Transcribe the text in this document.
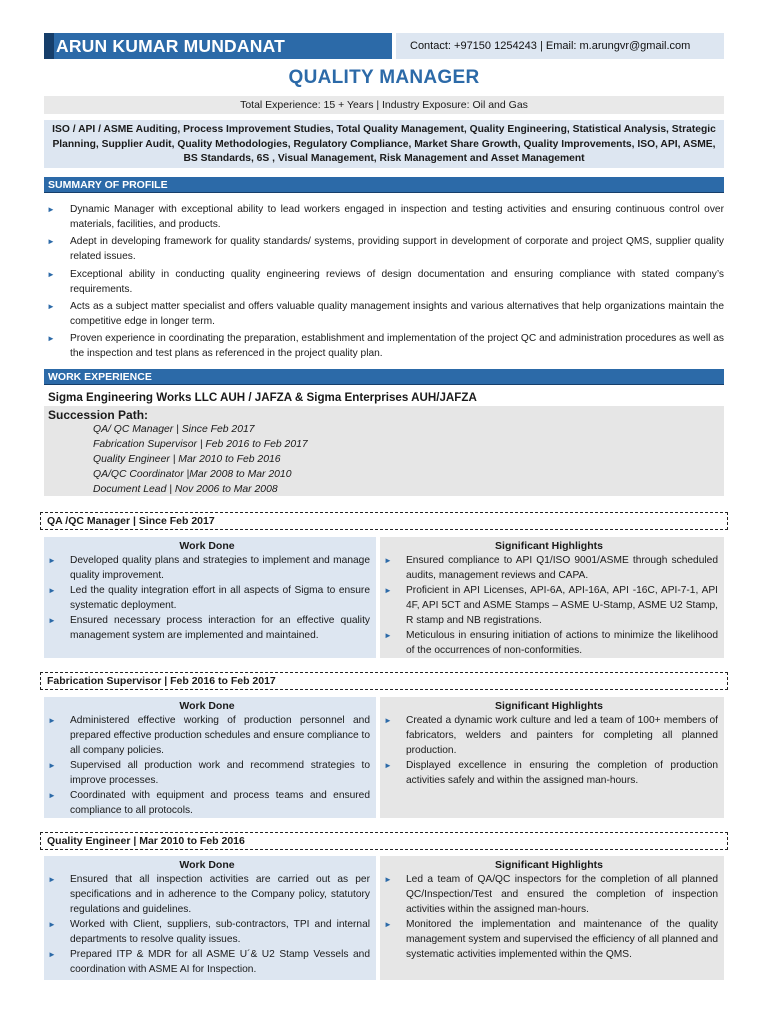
ARUN KUMAR MUNDANAT	Contact: +97150 1254243 | Email: m.arungvr@gmail.com
QUALITY MANAGER
Total Experience: 15 + Years | Industry Exposure: Oil and Gas
ISO / API / ASME Auditing, Process Improvement Studies, Total Quality Management, Quality Engineering, Statistical Analysis, Strategic Planning, Supplier Audit, Quality Methodologies, Regulatory Compliance, Market Share Growth, Quality Improvements, ISO, API, ASME, BS Standards, 6S , Visual Management, Risk Management and Asset Management
SUMMARY OF PROFILE
► Dynamic Manager with exceptional ability to lead workers engaged in inspection and testing activities and ensuring continuous control over materials, facilities, and products.
► Adept in developing framework for quality standards/ systems, providing support in development of corporate and project QMS, supplier quality related issues.
► Exceptional ability in conducting quality engineering reviews of design documentation and ensuring compliance with stated company’s requirements.
► Acts as a subject matter specialist and offers valuable quality management insights and various alternatives that help organizations maintain the competitive edge in longer term.
► Proven experience in coordinating the preparation, establishment and implementation of the project QC and administration procedures as well as the inspection and test plans as referenced in the project quality plan.
WORK EXPERIENCE
Sigma Engineering Works LLC AUH / JAFZA & Sigma Enterprises AUH/JAFZA
Succession Path:
QA/ QC Manager | Since Feb 2017
Fabrication Supervisor | Feb 2016 to Feb 2017
Quality Engineer | Mar 2010 to Feb 2016
QA/QC Coordinator |Mar 2008 to Mar 2010
Document Lead | Nov 2006 to Mar 2008
QA /QC Manager | Since Feb 2017
Work Done
► Developed quality plans and strategies to implement and manage quality improvement.
► Led the quality integration effort in all aspects of Sigma to ensure systematic deployment.
► Ensured necessary process interaction for an effective quality management system are implemented and maintained.
Significant Highlights
► Ensured compliance to API Q1/ISO 9001/ASME through scheduled audits, management reviews and CAPA.
► Proficient in API Licenses, API-6A, API-16A, API -16C, API-7-1, API 4F, API 5CT and ASME Stamps – ASME U-Stamp, ASME U2 Stamp, R stamp and NB registrations.
► Meticulous in ensuring initiation of actions to minimize the likelihood of the occurrences of non-conformities.
Fabrication Supervisor | Feb 2016 to Feb 2017
Work Done
► Administered effective working of production personnel and prepared effective production schedules and ensure compliance to all company policies.
► Supervised all production work and recommend strategies to improve processes.
► Coordinated with equipment and process teams and ensured compliance to all protocols.
Significant Highlights
► Created a dynamic work culture and led a team of 100+ members of fabricators, welders and painters for completing all planned production.
► Displayed excellence in ensuring the completion of production activities safely and within the assigned man-hours.
Quality Engineer | Mar 2010 to Feb 2016
Work Done
► Ensured that all inspection activities are carried out as per specifications and in adherence to the Company policy, statutory regulations and guidelines.
► Worked with Client, suppliers, sub-contractors, TPI and internal departments to resolve quality issues.
► Prepared ITP & MDR for all ASME U´& U2 Stamp Vessels and coordination with ASME AI for Inspection.
Significant Highlights
► Led a team of QA/QC inspectors for the completion of all planned QC/Inspection/Test and ensured the completion of inspection activities within the assigned man-hours.
► Monitored the implementation and maintenance of the quality management system and supervised the efficiency of all planned and systematic activities implemented within the QMS.
